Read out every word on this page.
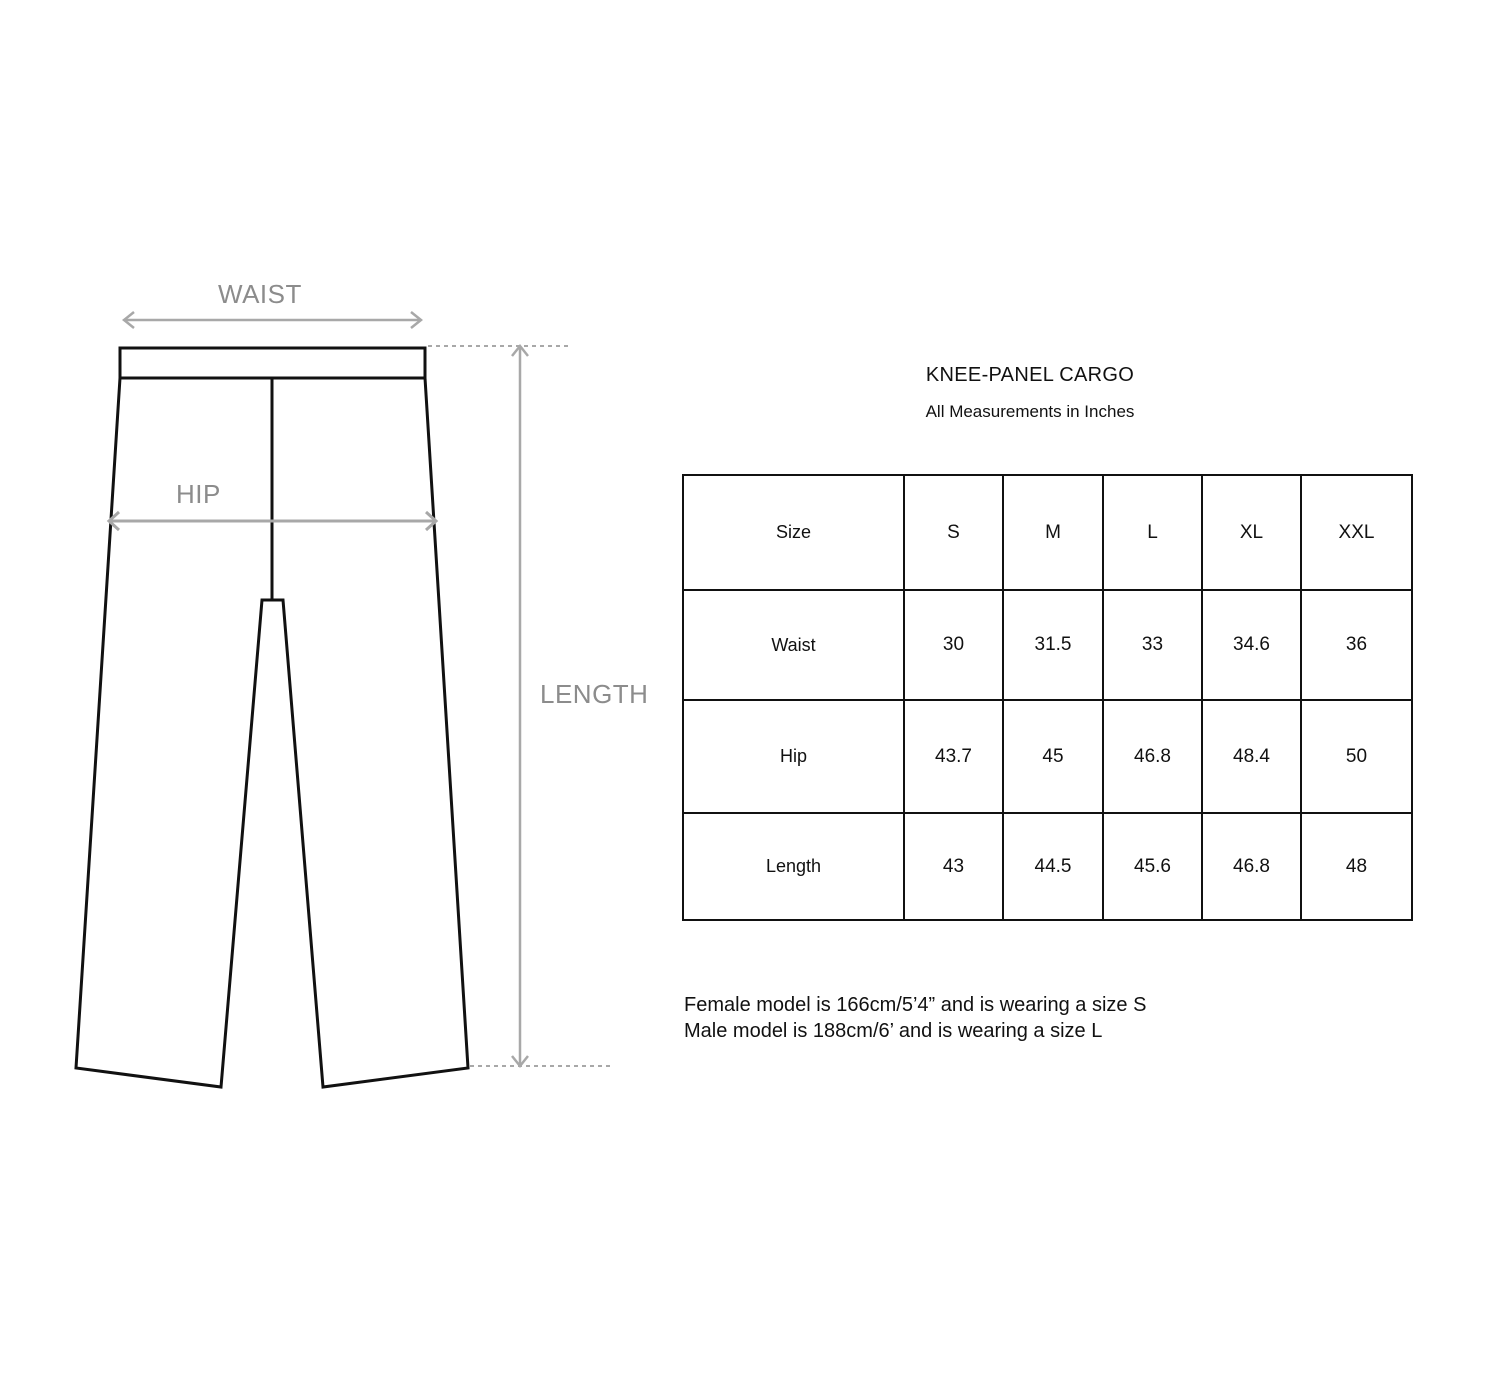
WAIST
HIP
LENGTH
KNEE-PANEL CARGO
All Measurements in Inches
Size	S	M	L	XL	XXL
Waist	30	31.5	33	34.6	36
Hip	43.7	45	46.8	48.4	50
Length	43	44.5	45.6	46.8	48
Female model is 166cm/5’4” and is wearing a size S
Male model is 188cm/6’ and is wearing a size L
